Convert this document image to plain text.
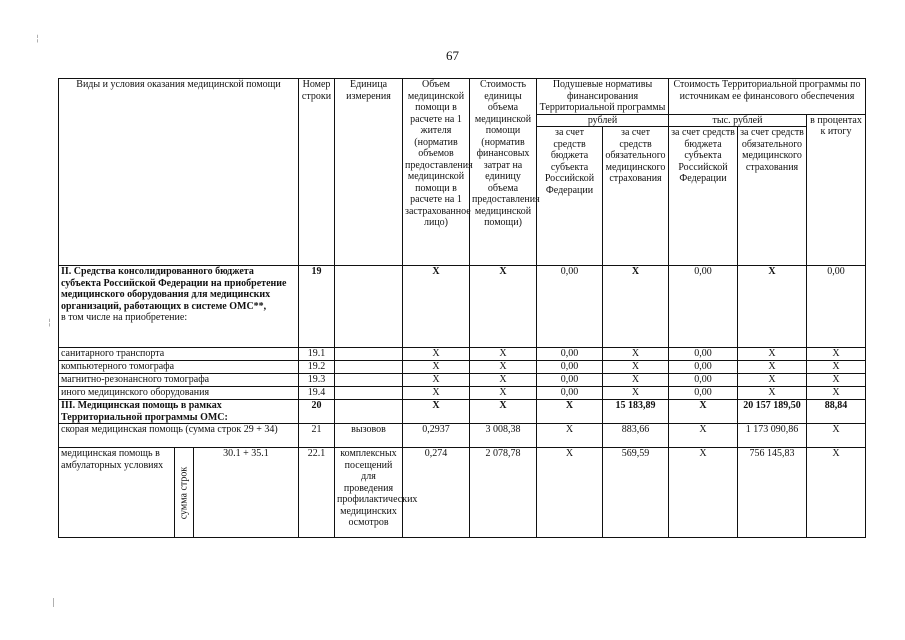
67
¦
¦
|
Виды и условия оказания медицинской помощи			Номер строки	Единица измерения	Объем медицинской помощи в расчете на 1 жителя (норматив объемов предоставления медицинской помощи в расчете на 1 застрахованное лицо)	Стоимость единицы объема медицинской помощи (норматив финансовых затрат на единицу объема предоставления медицинской помощи)	Подушевые нормативы финансирования Территориальной программы		Стоимость Территориальной программы по источникам ее финансового обеспечения		
							рублей		тыс. рублей		в процентах к итогу
							за счет средств бюджета субъекта Российской Федерации	за счет средств обязательного медицинского страхования	за счет средств бюджета субъекта Российской Федерации	за счет средств обязательного медицинского страхования	
II. Средства консолидированного бюджета субъекта Российской Федерации на приобретение медицинского оборудования для медицинских организаций, работающих в системе ОМС**,
в том числе на приобретение:			19		Х	Х	0,00	Х	0,00	Х	0,00
санитарного транспорта			19.1		Х	Х	0,00	Х	0,00	Х	Х
компьютерного томографа			19.2		Х	Х	0,00	Х	0,00	Х	Х
магнитно-резонансного томографа			19.3		Х	Х	0,00	Х	0,00	Х	Х
иного медицинского оборудования			19.4		Х	Х	0,00	Х	0,00	Х	Х
III. Медицинская помощь в рамках Территориальной программы ОМС:			20		Х	Х	Х	15 183,89	Х	20 157 189,50	88,84
скорая медицинская помощь (сумма строк 29 + 34)			21	вызовов	0,2937	3 008,38	Х	883,66	Х	1 173 090,86	Х
медицинская помощь в амбулаторных условиях	сумма строк	30.1 + 35.1	22.1	комплексных посещений для проведения профилактических медицинских осмотров	0,274	2 078,78	Х	569,59	Х	756 145,83	Х
